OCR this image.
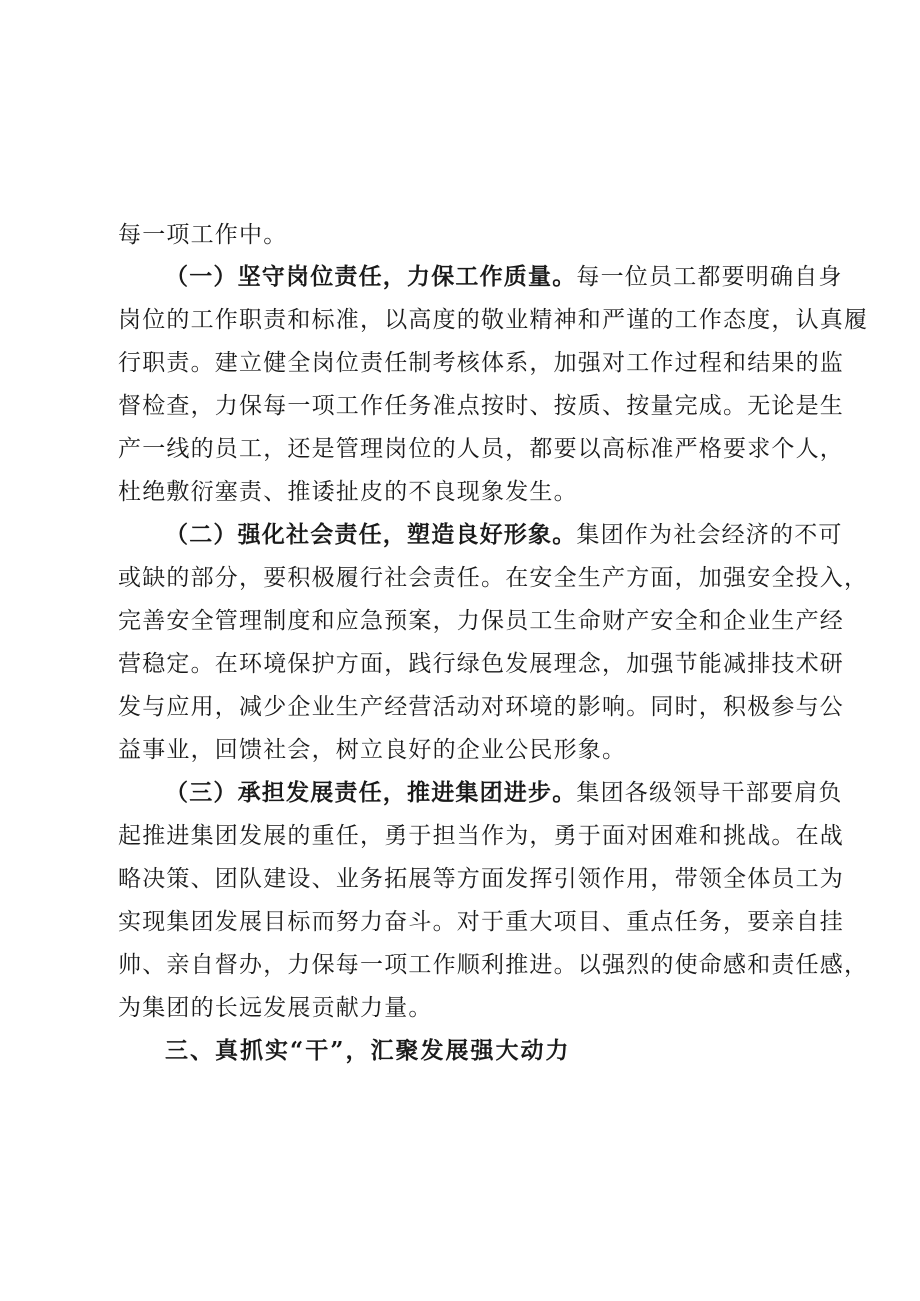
每一项工作中。
（一）坚守岗位责任，力保工作质量。每一位员工都要明确自身
岗位的工作职责和标准，以高度的敬业精神和严谨的工作态度，认真履
行职责。建立健全岗位责任制考核体系，加强对工作过程和结果的监
督检查，力保每一项工作任务准点按时、按质、按量完成。无论是生
产一线的员工，还是管理岗位的人员，都要以高标准严格要求个人，
杜绝敷衍塞责、推诿扯皮的不良现象发生。
（二）强化社会责任，塑造良好形象。集团作为社会经济的不可
或缺的部分，要积极履行社会责任。在安全生产方面，加强安全投入，
完善安全管理制度和应急预案，力保员工生命财产安全和企业生产经
营稳定。在环境保护方面，践行绿色发展理念，加强节能减排技术研
发与应用，减少企业生产经营活动对环境的影响。同时，积极参与公
益事业，回馈社会，树立良好的企业公民形象。
（三）承担发展责任，推进集团进步。集团各级领导干部要肩负
起推进集团发展的重任，勇于担当作为，勇于面对困难和挑战。在战
略决策、团队建设、业务拓展等方面发挥引领作用，带领全体员工为
实现集团发展目标而努力奋斗。对于重大项目、重点任务，要亲自挂
帅、亲自督办，力保每一项工作顺利推进。以强烈的使命感和责任感，
为集团的长远发展贡献力量。
三、真抓实“干”，汇聚发展强大动力
